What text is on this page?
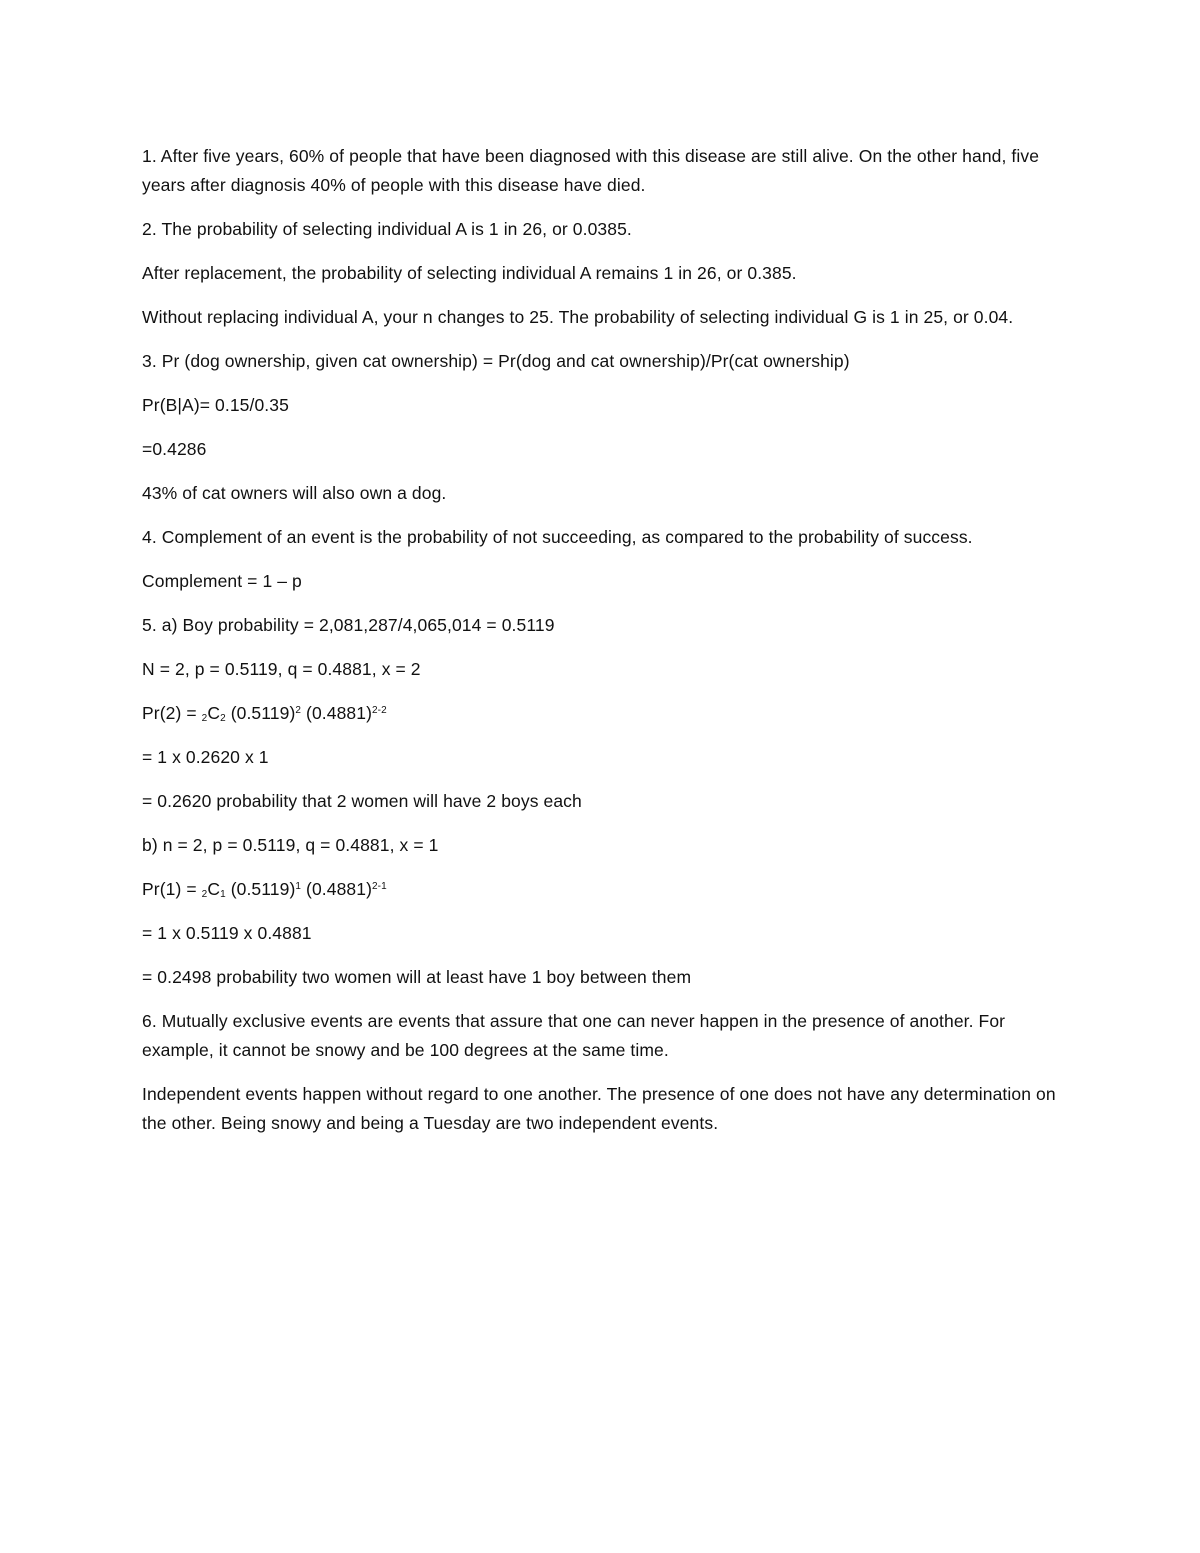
1. After five years, 60% of people that have been diagnosed with this disease are still alive. On the other hand, five years after diagnosis 40% of people with this disease have died.

2. The probability of selecting individual A is 1 in 26, or 0.0385.

After replacement, the probability of selecting individual A remains 1 in 26, or 0.385.

Without replacing individual A, your n changes to 25. The probability of selecting individual G is 1 in 25, or 0.04.

3. Pr (dog ownership, given cat ownership) = Pr(dog and cat ownership)/Pr(cat ownership)

Pr(B|A)= 0.15/0.35

=0.4286

43% of cat owners will also own a dog.

4. Complement of an event is the probability of not succeeding, as compared to the probability of success.

Complement = 1 – p

5. a) Boy probability = 2,081,287/4,065,014 = 0.5119

N = 2, p = 0.5119, q = 0.4881, x = 2

$Pr(2) = _2C_2$ $(0.5119)^2$ $(0.4881)^{2-2}$

= 1 x 0.2620 x 1

= 0.2620 probability that 2 women will have 2 boys each

b) n = 2, p = 0.5119, q = 0.4881, x = 1

$Pr(1) = _2C_1$ $(0.5119)^1$ $(0.4881)^{2-1}$

= 1 x 0.5119 x 0.4881

= 0.2498 probability two women will at least have 1 boy between them

6. Mutually exclusive events are events that assure that one can never happen in the presence of another. For example, it cannot be snowy and be 100 degrees at the same time.

Independent events happen without regard to one another. The presence of one does not have any determination on the other. Being snowy and being a Tuesday are two independent events.
